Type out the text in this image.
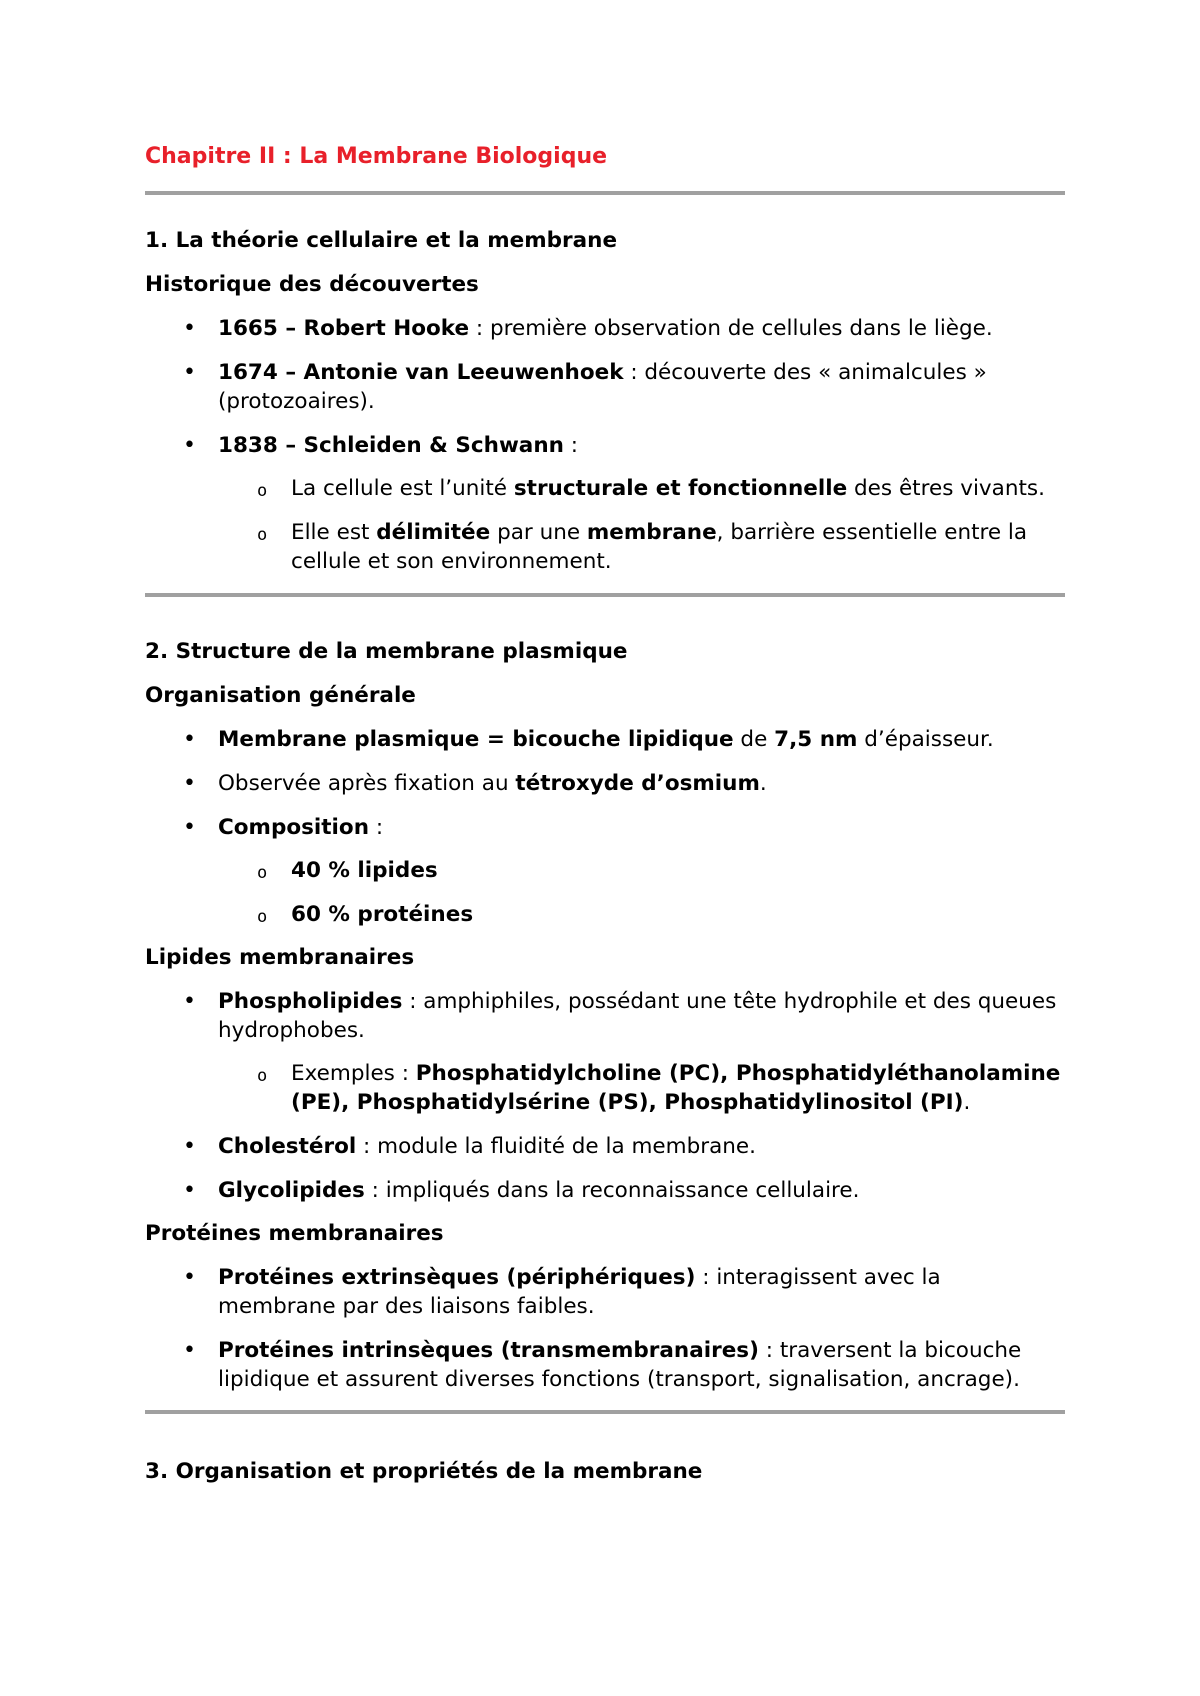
Chapitre II : La Membrane Biologique
1. La théorie cellulaire et la membrane
Historique des découvertes
• 1665 – Robert Hooke : première observation de cellules dans le liège.
• 1674 – Antonie van Leeuwenhoek : découverte des « animalcules » (protozoaires).
• 1838 – Schleiden & Schwann :
o La cellule est l’unité structurale et fonctionnelle des êtres vivants.
o Elle est délimitée par une membrane, barrière essentielle entre la cellule et son environnement.
2. Structure de la membrane plasmique
Organisation générale
• Membrane plasmique = bicouche lipidique de 7,5 nm d’épaisseur.
• Observée après fixation au tétroxyde d’osmium.
• Composition :
o 40 % lipides
o 60 % protéines
Lipides membranaires
• Phospholipides : amphiphiles, possédant une tête hydrophile et des queues hydrophobes.
o Exemples : Phosphatidylcholine (PC), Phosphatidyléthanolamine (PE), Phosphatidylsérine (PS), Phosphatidylinositol (PI).
• Cholestérol : module la fluidité de la membrane.
• Glycolipides : impliqués dans la reconnaissance cellulaire.
Protéines membranaires
• Protéines extrinsèques (périphériques) : interagissent avec la membrane par des liaisons faibles.
• Protéines intrinsèques (transmembranaires) : traversent la bicouche lipidique et assurent diverses fonctions (transport, signalisation, ancrage).
3. Organisation et propriétés de la membrane
